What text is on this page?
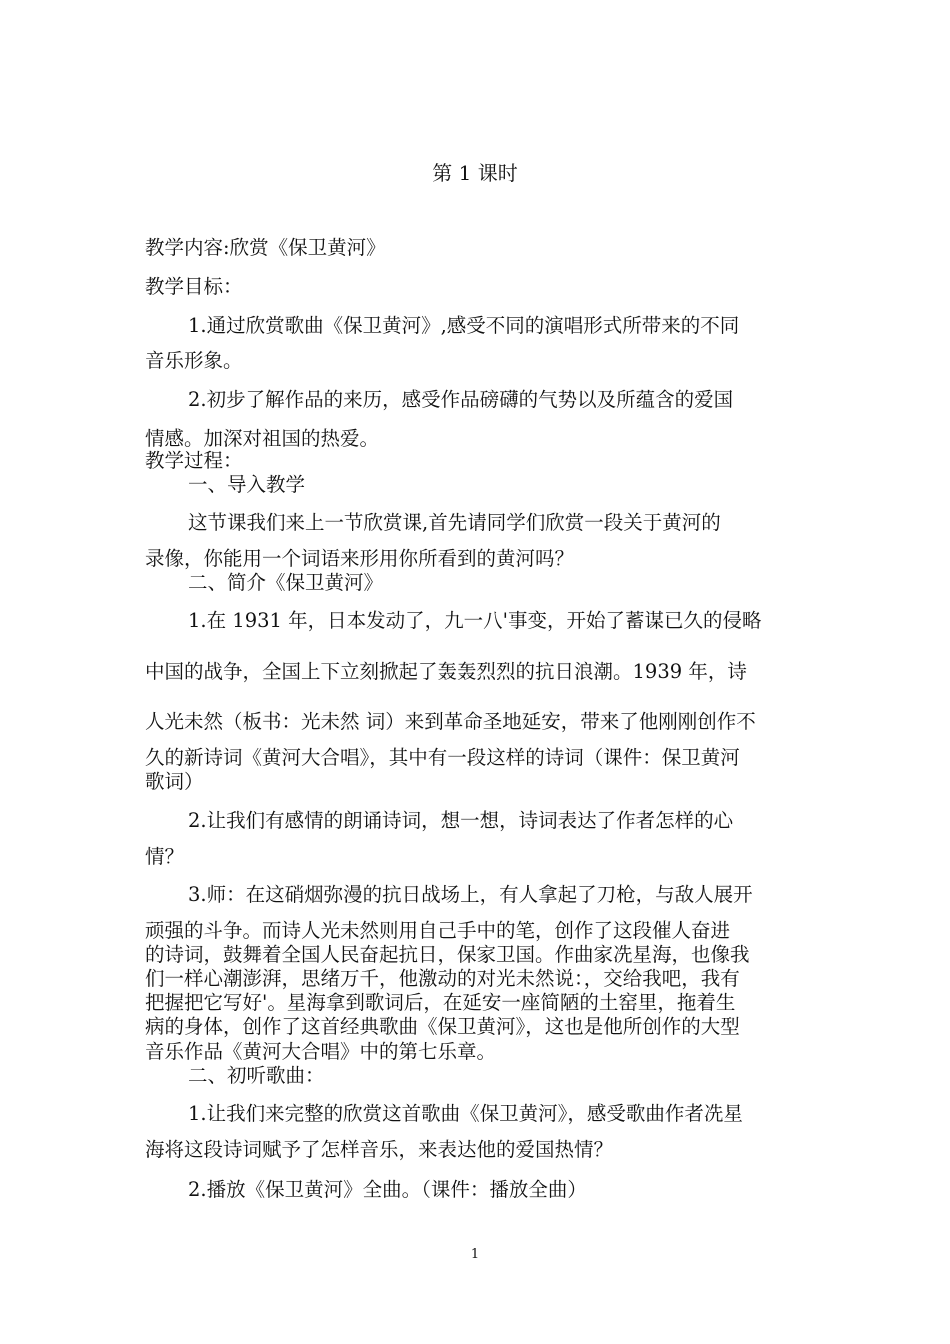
第 1 课时
教学内容:欣赏《保卫黄河》
教学目标：
1.通过欣赏歌曲《保卫黄河》,感受不同的演唱形式所带来的不同
音乐形象。
2.初步了解作品的来历，感受作品磅礴的气势以及所蕴含的爱国
情感。加深对祖国的热爱。
教学过程：
一、导入教学
这节课我们来上一节欣赏课,首先请同学们欣赏一段关于黄河的
录像，你能用一个词语来形用你所看到的黄河吗？
二、简介《保卫黄河》
1.在 1931 年，日本发动了，九一八'事变，开始了蓄谋已久的侵略
中国的战争，全国上下立刻掀起了轰轰烈烈的抗日浪潮。1939 年，诗
人光未然（板书：光未然 词）来到革命圣地延安，带来了他刚刚创作不
久的新诗词《黄河大合唱》，其中有一段这样的诗词（课件：保卫黄河
歌词）
2.让我们有感情的朗诵诗词，想一想，诗词表达了作者怎样的心
情？
3.师：在这硝烟弥漫的抗日战场上，有人拿起了刀枪，与敌人展开
顽强的斗争。而诗人光未然则用自己手中的笔，创作了这段催人奋进
的诗词，鼓舞着全国人民奋起抗日，保家卫国。作曲家冼星海，也像我
们一样心潮澎湃，思绪万千，他激动的对光未然说：，交给我吧，我有
把握把它写好'。星海拿到歌词后，在延安一座简陋的土窑里，拖着生
病的身体，创作了这首经典歌曲《保卫黄河》，这也是他所创作的大型
音乐作品《黄河大合唱》中的第七乐章。
二、初听歌曲：
1.让我们来完整的欣赏这首歌曲《保卫黄河》，感受歌曲作者冼星
海将这段诗词赋予了怎样音乐，来表达他的爱国热情？
2.播放《保卫黄河》全曲。（课件：播放全曲）
1
